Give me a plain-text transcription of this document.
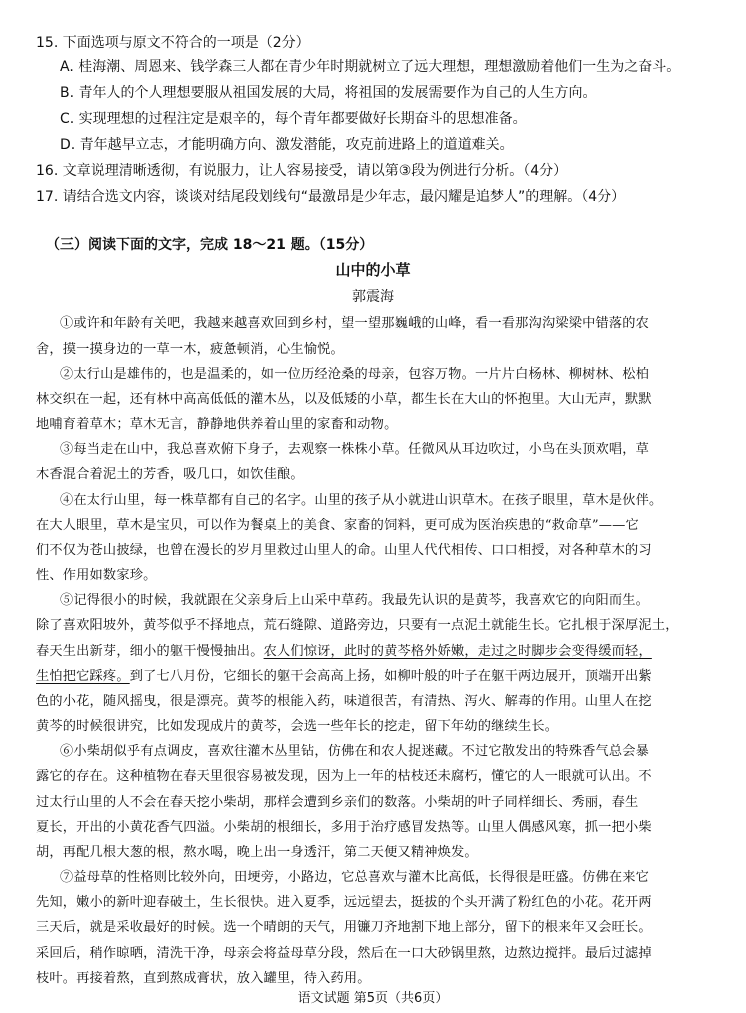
15. 下面选项与原文不符合的一项是（2分）
A. 桂海潮、周恩来、钱学森三人都在青少年时期就树立了远大理想，理想激励着他们一生为之奋斗。
B. 青年人的个人理想要服从祖国发展的大局，将祖国的发展需要作为自己的人生方向。
C. 实现理想的过程注定是艰辛的，每个青年都要做好长期奋斗的思想准备。
D. 青年越早立志，才能明确方向、激发潜能，攻克前进路上的道道难关。
16. 文章说理清晰透彻，有说服力，让人容易接受，请以第③段为例进行分析。（4分）
17. 请结合选文内容，谈谈对结尾段划线句“最激昂是少年志，最闪耀是追梦人”的理解。（4分）
（三）阅读下面的文字，完成 18～21 题。（15分）
山中的小草
郭震海
①或许和年龄有关吧，我越来越喜欢回到乡村，望一望那巍峨的山峰，看一看那沟沟梁梁中错落的农
舍，摸一摸身边的一草一木，疲惫顿消，心生愉悦。
②太行山是雄伟的，也是温柔的，如一位历经沧桑的母亲，包容万物。一片片白杨林、柳树林、松柏
林交织在一起，还有林中高高低低的灌木丛，以及低矮的小草，都生长在大山的怀抱里。大山无声，默默
地哺育着草木；草木无言，静静地供养着山里的家畜和动物。
③每当走在山中，我总喜欢俯下身子，去观察一株株小草。任微风从耳边吹过，小鸟在头顶欢唱，草
木香混合着泥土的芳香，吸几口，如饮佳酿。
④在太行山里，每一株草都有自己的名字。山里的孩子从小就进山识草木。在孩子眼里，草木是伙伴。
在大人眼里，草木是宝贝，可以作为餐桌上的美食、家畜的饲料，更可成为医治疾患的“救命草”——它
们不仅为苍山披绿，也曾在漫长的岁月里救过山里人的命。山里人代代相传、口口相授，对各种草木的习
性、作用如数家珍。
⑤记得很小的时候，我就跟在父亲身后上山采中草药。我最先认识的是黄芩，我喜欢它的向阳而生。
除了喜欢阳坡外，黄芩似乎不择地点，荒石缝隙、道路旁边，只要有一点泥土就能生长。它扎根于深厚泥土，
春天生出新芽，细小的躯干慢慢抽出。农人们惊讶，此时的黄芩格外娇嫩，走过之时脚步会变得缓而轻，
生怕把它踩疼。到了七八月份，它细长的躯干会高高上扬，如柳叶般的叶子在躯干两边展开，顶端开出紫
色的小花，随风摇曳，很是漂亮。黄芩的根能入药，味道很苦，有清热、泻火、解毒的作用。山里人在挖
黄芩的时候很讲究，比如发现成片的黄芩，会选一些年长的挖走，留下年幼的继续生长。
⑥小柴胡似乎有点调皮，喜欢往灌木丛里钻，仿佛在和农人捉迷藏。不过它散发出的特殊香气总会暴
露它的存在。这种植物在春天里很容易被发现，因为上一年的枯枝还未腐朽，懂它的人一眼就可认出。不
过太行山里的人不会在春天挖小柴胡，那样会遭到乡亲们的数落。小柴胡的叶子同样细长、秀丽，春生
夏长，开出的小黄花香气四溢。小柴胡的根细长，多用于治疗感冒发热等。山里人偶感风寒，抓一把小柴
胡，再配几根大葱的根，熬水喝，晚上出一身透汗，第二天便又精神焕发。
⑦益母草的性格则比较外向，田埂旁，小路边，它总喜欢与灌木比高低，长得很是旺盛。仿佛在来它
先知，嫩小的新叶迎春破土，生长很快。进入夏季，远远望去，挺拔的个头开满了粉红色的小花。花开两
三天后，就是采收最好的时候。选一个晴朗的天气，用镰刀齐地割下地上部分，留下的根来年又会旺长。
采回后，稍作晾晒，清洗干净，母亲会将益母草分段，然后在一口大砂锅里熬，边熬边搅拌。最后过滤掉
枝叶。再接着熬，直到熬成膏状，放入罐里，待入药用。
语文试题 第5页（共6页）
